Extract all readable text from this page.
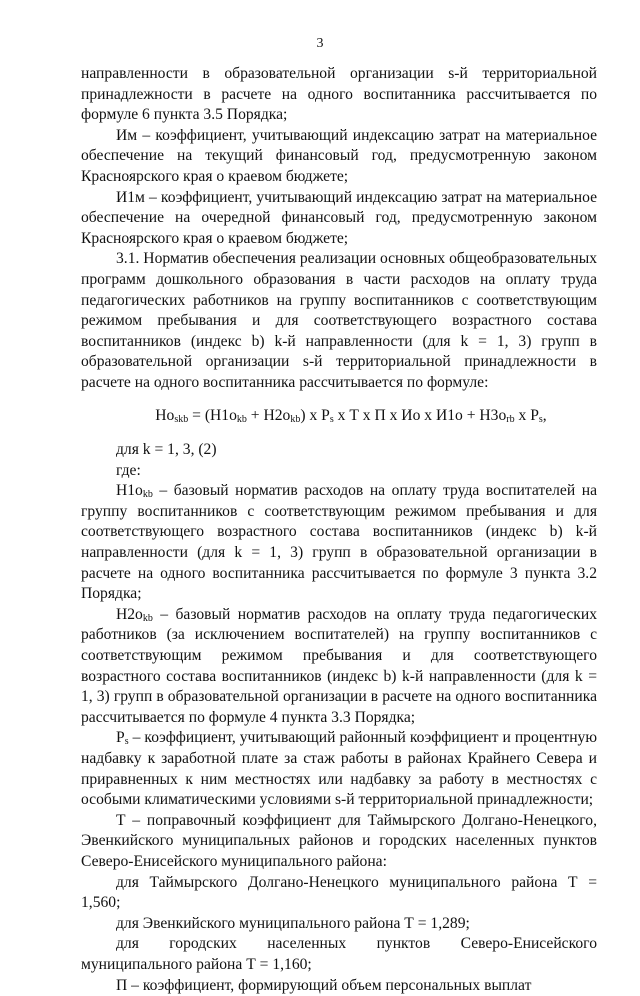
3

направленности в образовательной организации s-й территориальной принадлежности в расчете на одного воспитанника рассчитывается по формуле 6 пункта 3.5 Порядка;

Им – коэффициент, учитывающий индексацию затрат на материальное обеспечение на текущий финансовый год, предусмотренную законом Красноярского края о краевом бюджете;

И1м – коэффициент, учитывающий индексацию затрат на материальное обеспечение на очередной финансовый год, предусмотренную законом Красноярского края о краевом бюджете;

3.1. Норматив обеспечения реализации основных общеобразовательных программ дошкольного образования в части расходов на оплату труда педагогических работников на группу воспитанников с соответствующим режимом пребывания и для соответствующего возрастного состава воспитанников (индекс b) k-й направленности (для k = 1, 3) групп в образовательной организации s-й территориальной принадлежности в расчете на одного воспитанника рассчитывается по формуле:

$Но_{skb} = (Н1о_{kb} + Н2о_{kb})$ х $Р_s$ х Т х П х Ио х $И1о + Н3о_{rb}$ х $Р_s$,

для k = 1, 3, (2)

где:

$Н1о_{kb}$ – базовый норматив расходов на оплату труда воспитателей на группу воспитанников с соответствующим режимом пребывания и для соответствующего возрастного состава воспитанников (индекс b) k-й направленности (для k = 1, 3) групп в образовательной организации в расчете на одного воспитанника рассчитывается по формуле 3 пункта 3.2 Порядка;

$Н2о_{kb}$ – базовый норматив расходов на оплату труда педагогических работников (за исключением воспитателей) на группу воспитанников с соответствующим режимом пребывания и для соответствующего возрастного состава воспитанников (индекс b) k-й направленности (для k = 1, 3) групп в образовательной организации в расчете на одного воспитанника рассчитывается по формуле 4 пункта 3.3 Порядка;

$Р_s$ – коэффициент, учитывающий районный коэффициент и процентную надбавку к заработной плате за стаж работы в районах Крайнего Севера и приравненных к ним местностях или надбавку за работу в местностях с особыми климатическими условиями s-й территориальной принадлежности;

Т – поправочный коэффициент для Таймырского Долгано-Ненецкого, Эвенкийского муниципальных районов и городских населенных пунктов Северо-Енисейского муниципального района:

для Таймырского Долгано-Ненецкого муниципального района Т = 1,560;

для Эвенкийского муниципального района Т = 1,289;

для городских населенных пунктов Северо-Енисейского муниципального района Т = 1,160;

П – коэффициент, формирующий объем персональных выплат
